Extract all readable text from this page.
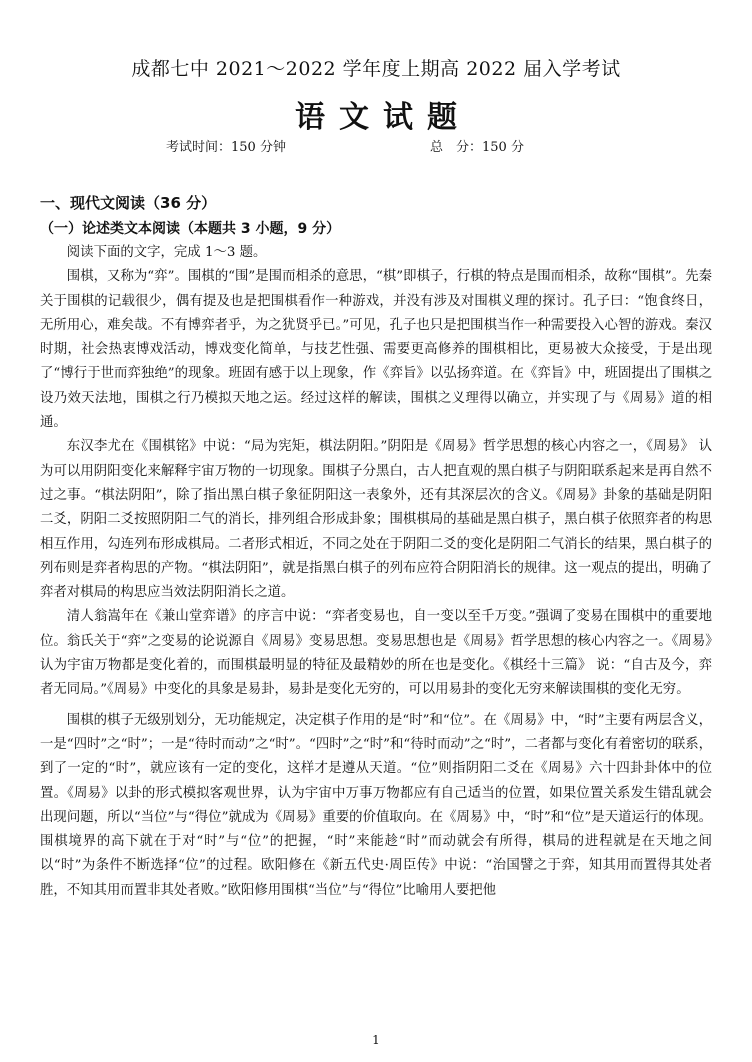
成都七中 2021～2022 学年度上期高 2022 届入学考试
语文试题
考试时间：150 分钟	总　分：150 分
一、现代文阅读（36 分）
（一）论述类文本阅读（本题共 3 小题，9 分）

阅读下面的文字，完成 1～3 题。

围棋，又称为“弈”。围棋的“围”是围而相杀的意思，“棋”即棋子，行棋的特点是围而相杀，故称“围棋”。先秦关于围棋的记载很少，偶有提及也是把围棋看作一种游戏，并没有涉及对围棋义理的探讨。孔子曰：“饱食终日，无所用心，难矣哉。不有博弈者乎，为之犹贤乎已。”可见，孔子也只是把围棋当作一种需要投入心智的游戏。秦汉时期，社会热衷博戏活动，博戏变化简单，与技艺性强、需要更高修养的围棋相比，更易被大众接受，于是出现了“博行于世而弈独绝”的现象。班固有感于以上现象，作《弈旨》以弘扬弈道。在《弈旨》中，班固提出了围棋之设乃效天法地，围棋之行乃模拟天地之运。经过这样的解读，围棋之义理得以确立，并实现了与《周易》道的相通。

东汉李尤在《围棋铭》中说：“局为宪矩，棋法阴阳。”阴阳是《周易》哲学思想的核心内容之一，《周易》 认为可以用阴阳变化来解释宇宙万物的一切现象。围棋子分黑白，古人把直观的黑白棋子与阴阳联系起来是再自然不过之事。“棋法阴阳”，除了指出黑白棋子象征阴阳这一表象外，还有其深层次的含义。《周易》卦象的基础是阴阳二爻，阴阳二爻按照阴阳二气的消长，排列组合形成卦象；围棋棋局的基础是黑白棋子，黑白棋子依照弈者的构思相互作用，勾连列布形成棋局。二者形式相近，不同之处在于阴阳二爻的变化是阴阳二气消长的结果，黑白棋子的列布则是弈者构思的产物。“棋法阴阳”，就是指黑白棋子的列布应符合阴阳消长的规律。这一观点的提出，明确了弈者对棋局的构思应当效法阴阳消长之道。

清人翁嵩年在《兼山堂弈谱》的序言中说：“弈者变易也，自一变以至千万变。”强调了变易在围棋中的重要地位。翁氏关于“弈”之变易的论说源自《周易》变易思想。变易思想也是《周易》哲学思想的核心内容之一。《周易》认为宇宙万物都是变化着的，而围棋最明显的特征及最精妙的所在也是变化。《棋经十三篇》 说：“自古及今，弈者无同局。”《周易》中变化的具象是易卦，易卦是变化无穷的，可以用易卦的变化无穷来解读围棋的变化无穷。

围棋的棋子无级别划分，无功能规定，决定棋子作用的是“时”和“位”。在《周易》中，“时”主要有两层含义，一是“四时”之“时”；一是“待时而动”之“时”。“四时”之“时”和“待时而动”之“时”，二者都与变化有着密切的联系，到了一定的“时”，就应该有一定的变化，这样才是遵从天道。“位”则指阴阳二爻在《周易》六十四卦卦体中的位置。《周易》以卦的形式模拟客观世界，认为宇宙中万事万物都应有自己适当的位置，如果位置关系发生错乱就会出现问题，所以“当位”与“得位”就成为《周易》重要的价值取向。在《周易》中，“时”和“位”是天道运行的体现。围棋境界的高下就在于对“时”与“位”的把握，“时”来能趁“时”而动就会有所得，棋局的进程就是在天地之间以“时”为条件不断选择“位”的过程。欧阳修在《新五代史·周臣传》中说：“治国譬之于弈，知其用而置得其处者胜，不知其用而置非其处者败。”欧阳修用围棋“当位”与“得位”比喻用人要把他

1
